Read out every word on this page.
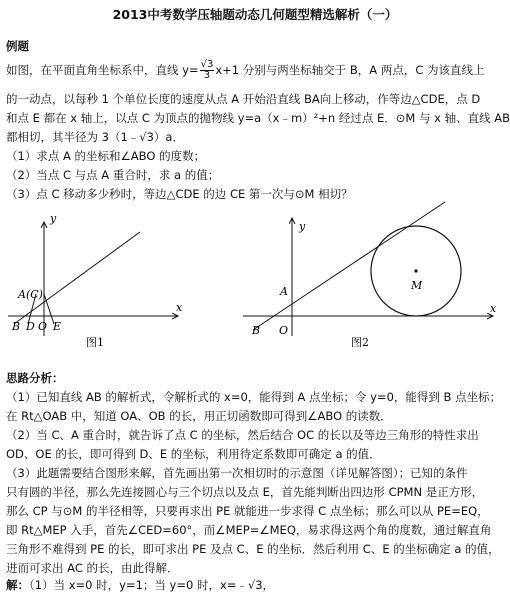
2013中考数学压轴题动态几何题型精选解析（一）
例题
如图，在平面直角坐标系中，直线 $y= \frac{√3}{3} x+1$ 分别与两坐标轴交于 B，A 两点，C 为该直线上
的一动点，以每秒 1 个单位长度的速度从点 A 开始沿直线 BA向上移动，作等边△CDE，点 D
和点 E 都在 x 轴上，以点 C 为顶点的抛物线 y=a（x﹣m）²+n 经过点 E．⊙M 与 x 轴、直线 AB
都相切，其半径为 3（1﹣√3）a．
（1）求点 A 的坐标和∠ABO 的度数；
（2）当点 C 与点 A 重合时，求 a 的值；
（3）点 C 移动多少秒时，等边△CDE 的边 CE 第一次与⊙M 相切？
y
x
A(C)
B D O E
图1
y
x
A
B O
M
图2
思路分析：
（1）已知直线 AB 的解析式，令解析式的 x=0，能得到 A 点坐标；令 y=0，能得到 B 点坐标；
在 Rt△OAB 中，知道 OA、OB 的长，用正切函数即可得到∠ABO 的读数．
（2）当 C、A 重合时，就告诉了点 C 的坐标，然后结合 OC 的长以及等边三角形的特性求出
OD、OE 的长，即可得到 D、E 的坐标，利用待定系数即可确定 a 的值．
（3）此题需要结合图形来解，首先画出第一次相切时的示意图（详见解答图）；已知的条件
只有圆的半径，那么先连接圆心与三个切点以及点 E，首先能判断出四边形 CPMN 是正方形，
那么 CP 与⊙M 的半径相等，只要再求出 PE 就能进一步求得 C 点坐标；那么可以从 PE=EQ，
即 Rt△MEP 入手，首先∠CED=60°，而∠MEP=∠MEQ，易求得这两个角的度数，通过解直角
三角形不难得到 PE 的长，即可求出 PE 及点 C、E 的坐标．然后利用 C、E 的坐标确定 a 的值，
进而可求出 AC 的长，由此得解．
解：（1）当 x=0 时，y=1；当 y=0 时，x=﹣√3，
